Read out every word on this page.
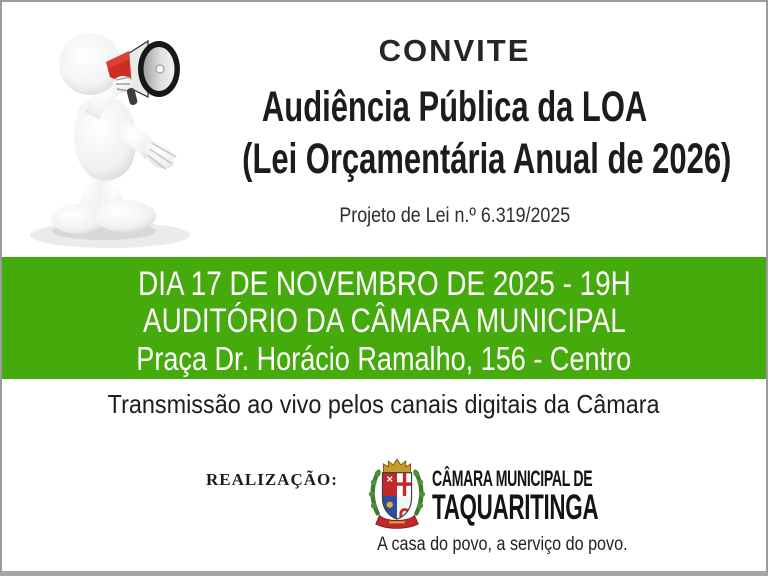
CONVITE
Audiência Pública da LOA
(Lei Orçamentária Anual de 2026)
Projeto de Lei n.º 6.319/2025
DIA 17 DE NOVEMBRO DE 2025 - 19H
AUDITÓRIO DA CÂMARA MUNICIPAL
Praça Dr. Horácio Ramalho, 156 - Centro
Transmissão ao vivo pelos canais digitais da Câmara
REALIZAÇÃO:	CÂMARA MUNICIPAL DE
TAQUARITINGA
A casa do povo, a serviço do povo.
